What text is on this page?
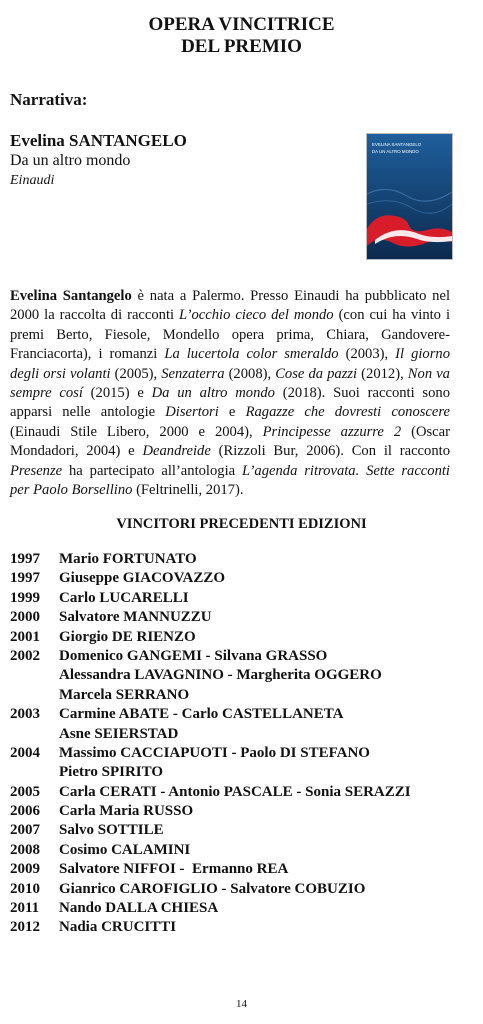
OPERA VINCITRICE
DEL PREMIO
Narrativa:
Evelina SANTANGELO
Da un altro mondo
Einaudi
EVELINA SANTANGELO
DA UN ALTRO MONDO
Evelina Santangelo è nata a Palermo. Presso Einaudi ha pubblicato nel 2000 la raccolta di racconti L’occhio cieco del mondo (con cui ha vinto i premi Berto, Fiesole, Mondello opera prima, Chiara, Gandovere-Franciacorta), i romanzi La lucertola color smeraldo (2003), Il giorno degli orsi volanti (2005), Senzaterra (2008), Cose da pazzi (2012), Non va sempre cosí (2015) e Da un altro mondo (2018). Suoi racconti sono apparsi nelle antologie Disertori e Ragazze che dovresti conoscere (Einaudi Stile Libero, 2000 e 2004), Principesse azzurre 2 (Oscar Mondadori, 2004) e Deandreide (Rizzoli Bur, 2006). Con il racconto Presenze ha partecipato all’antologia L’agenda ritrovata. Sette racconti per Paolo Borsellino (Feltrinelli, 2017).
VINCITORI PRECEDENTI EDIZIONI
1997	Mario FORTUNATO
1997	Giuseppe GIACOVAZZO
1999	Carlo LUCARELLI
2000	Salvatore MANNUZZU
2001	Giorgio DE RIENZO
2002	Domenico GANGEMI - Silvana GRASSO
Alessandra LAVAGNINO - Margherita OGGERO
Marcela SERRANO
2003	Carmine ABATE - Carlo CASTELLANETA
Asne SEIERSTAD
2004	Massimo CACCIAPUOTI - Paolo DI STEFANO
Pietro SPIRITO
2005	Carla CERATI - Antonio PASCALE - Sonia SERAZZI
2006	Carla Maria RUSSO
2007	Salvo SOTTILE
2008	Cosimo CALAMINI
2009	Salvatore NIFFOI -  Ermanno REA
2010	Gianrico CAROFIGLIO - Salvatore COBUZIO
2011	Nando DALLA CHIESA
2012	Nadia CRUCITTI
14
